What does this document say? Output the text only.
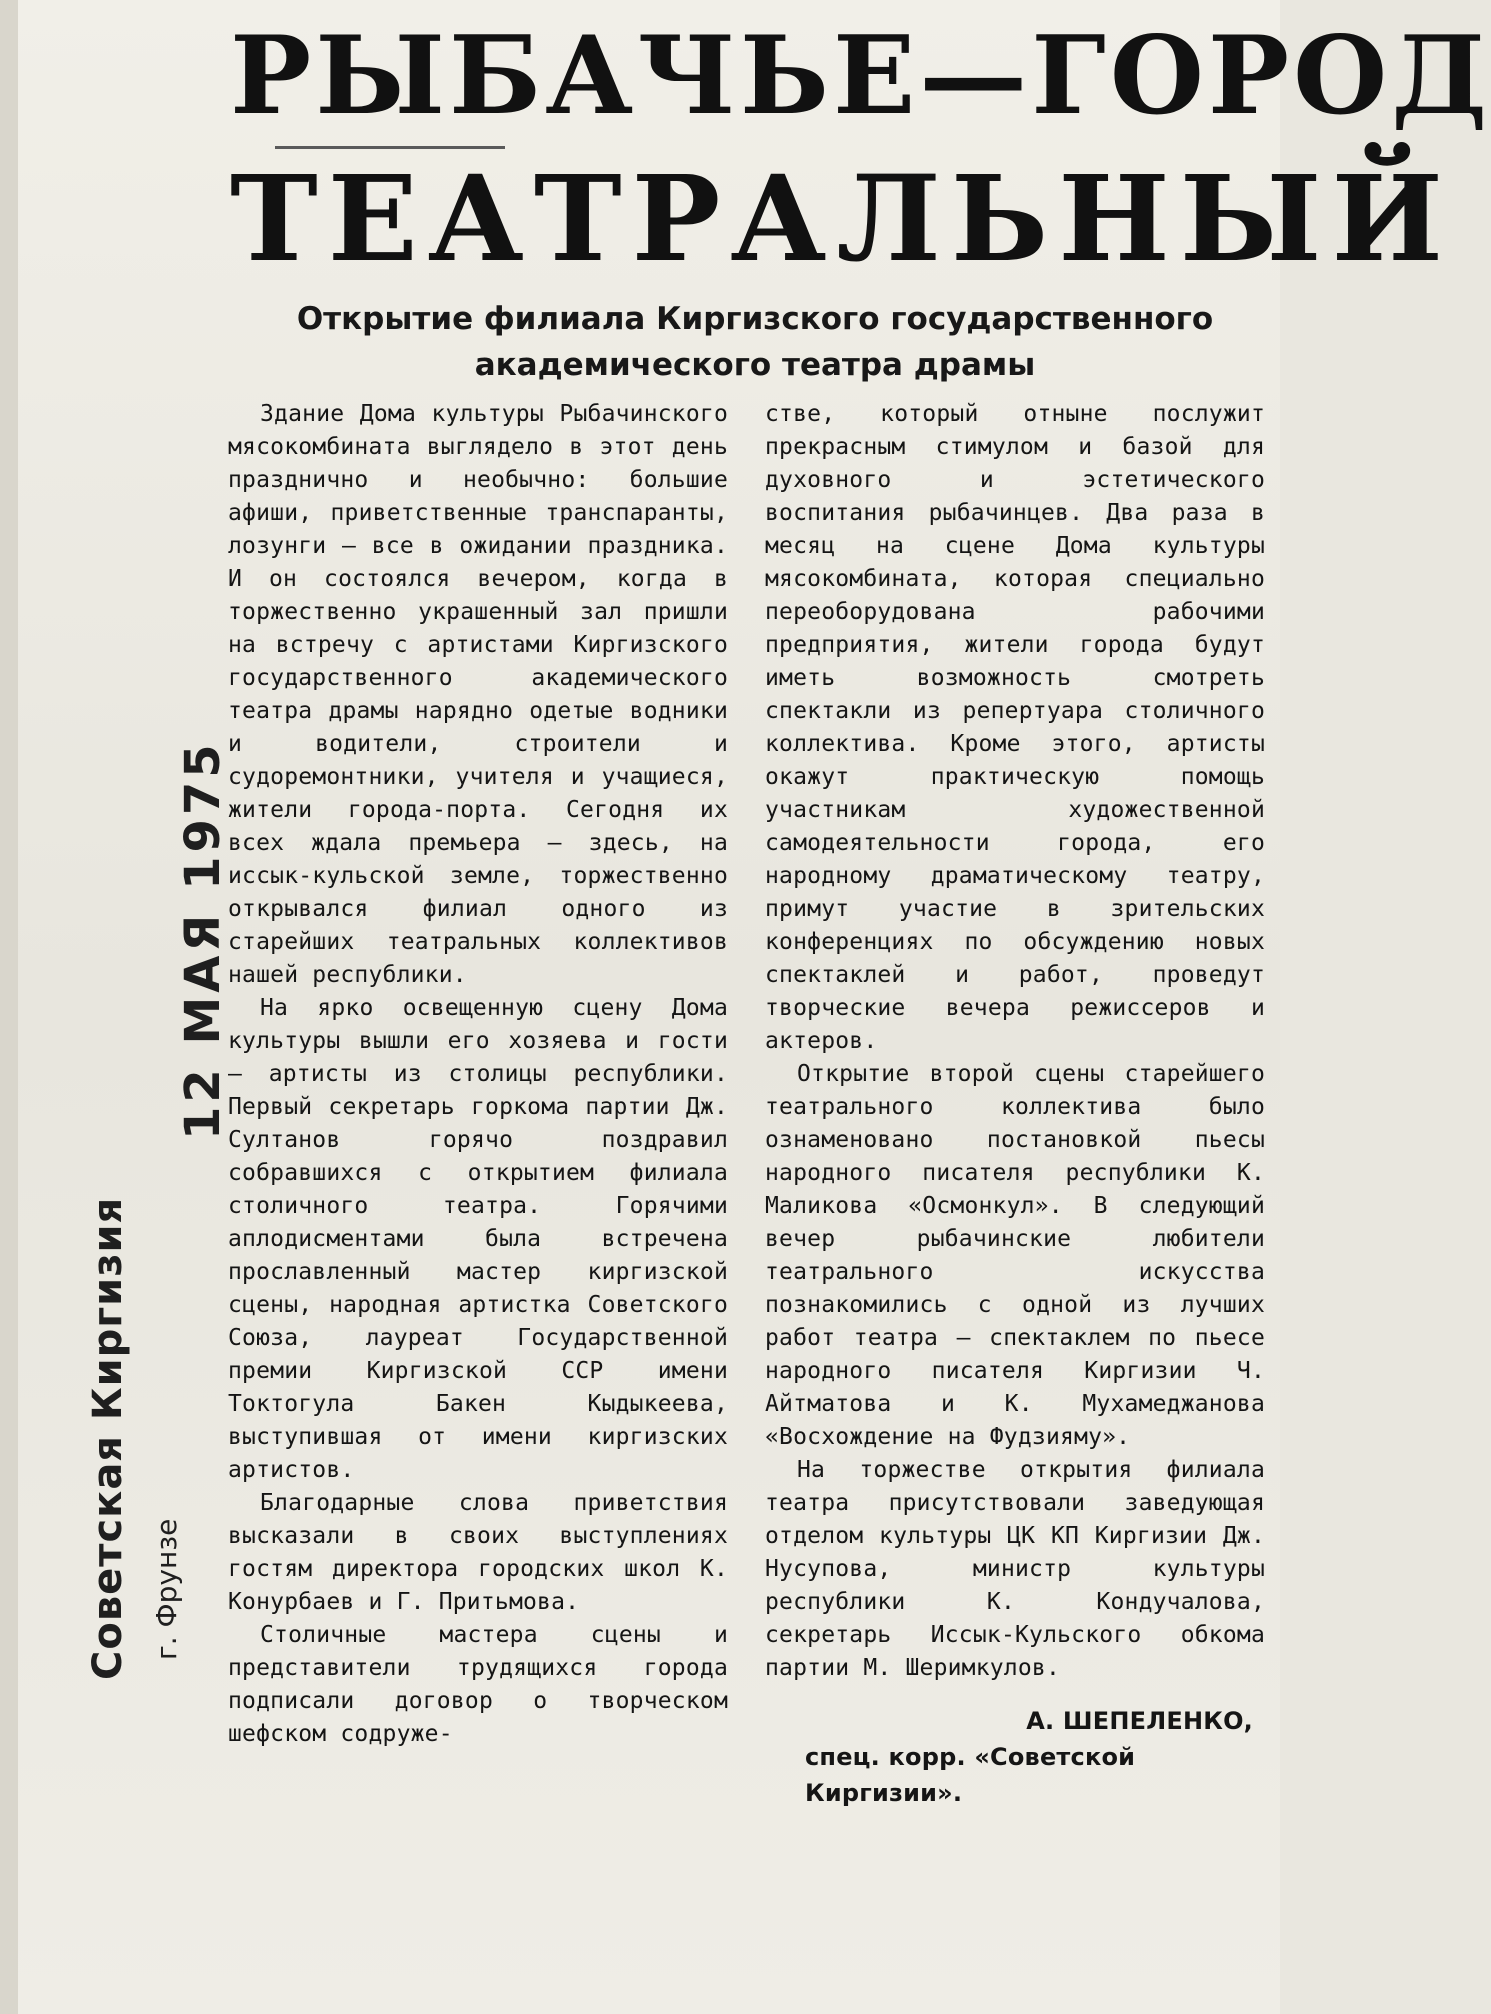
РЫБАЧЬЕ—ГОРОД
ТЕАТРАЛЬНЫЙ
Открытие филиала Киргизского государственного
академического театра драмы

Здание Дома культуры Рыбачинского мясокомбината выглядело в этот день празднично и необычно: большие афиши, приветственные транспаранты, лозунги — все в ожидании праздника. И он состоялся вечером, когда в торжественно украшенный зал пришли на встречу с артистами Киргизского государственного академического театра драмы нарядно одетые водники и водители, строители и судоремонтники, учителя и учащиеся, жители города-порта. Сегодня их всех ждала премьера — здесь, на иссык-кульской земле, торжественно открывался филиал одного из старейших театральных коллективов нашей республики.

На ярко освещенную сцену Дома культуры вышли его хозяева и гости — артисты из столицы республики. Первый секретарь горкома партии Дж. Султанов горячо поздравил собравшихся с открытием филиала столичного театра. Горячими аплодисментами была встречена прославленный мастер киргизской сцены, народная артистка Советского Союза, лауреат Государственной премии Киргизской ССР имени Токтогула Бакен Кыдыкеева, выступившая от имени киргизских артистов.

Благодарные слова приветствия высказали в своих выступлениях гостям директора городских школ К. Конурбаев и Г. Притьмова.

Столичные мастера сцены и представители трудящихся города подписали договор о творческом шефском содруже-

стве, который отныне послужит прекрасным стимулом и базой для духовного и эстетического воспитания рыбачинцев. Два раза в месяц на сцене Дома культуры мясокомбината, которая специально переоборудована рабочими предприятия, жители города будут иметь возможность смотреть спектакли из репертуара столичного коллектива. Кроме этого, артисты окажут практическую помощь участникам художественной самодеятельности города, его народному драматическому театру, примут участие в зрительских конференциях по обсуждению новых спектаклей и работ, проведут творческие вечера режиссеров и актеров.

Открытие второй сцены старейшего театрального коллектива было ознаменовано постановкой пьесы народного писателя республики К. Маликова «Осмонкул». В следующий вечер рыбачинские любители театрального искусства познакомились с одной из лучших работ театра — спектаклем по пьесе народного писателя Киргизии Ч. Айтматова и К. Мухамеджанова «Восхождение на Фудзияму».

На торжестве открытия филиала театра присутствовали заведующая отделом культуры ЦК КП Киргизии Дж. Нусупова, министр культуры республики К. Кондучалова, секретарь Иссык-Кульского обкома партии М. Шеримкулов.

А. ШЕПЕЛЕНКО,
спец. корр. «Советской Киргизии».
12 МАЯ 1975
Советская Киргизия г. Фрунзе
